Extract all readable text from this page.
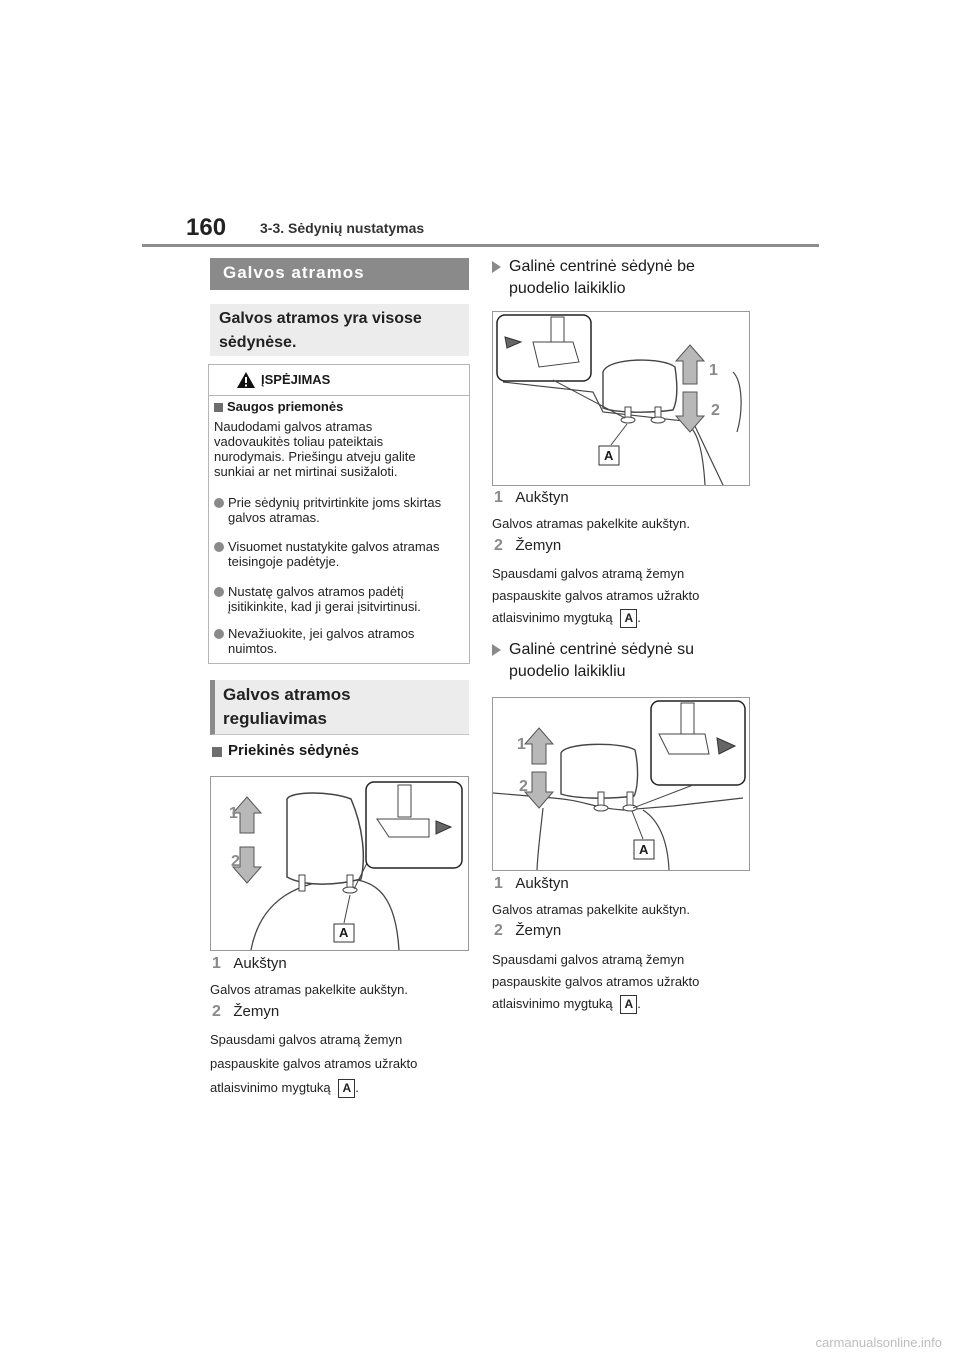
160 3-3. Sėdynių nustatymas
Galvos atramos
Galvos atramos yra visose sėdynėse.
ĮSPĖJIMAS
Saugos priemonės
Naudodami galvos atramas vadovaukitės toliau pateiktais nurodymais. Priešingu atveju galite sunkiai ar net mirtinai susižaloti.
Prie sėdynių pritvirtinkite joms skirtas galvos atramas.
Visuomet nustatykite galvos atramas teisingoje padėtyje.
Nustatę galvos atramos padėtį įsitikinkite, kad ji gerai įsitvirtinusi.
Nevažiuokite, jei galvos atramos nuimtos.
Galvos atramos reguliavimas
Priekinės sėdynės
1
2
A
1 Aukštyn
Galvos atramas pakelkite aukštyn.
2 Žemyn
Spausdami galvos atramą žemyn
paspauskite galvos atramos užrakto
atlaisvinimo mygtuką A .
Galinė centrinė sėdynė be
puodelio laikiklio
1
2
A
1 Aukštyn
Galvos atramas pakelkite aukštyn.
2 Žemyn
Spausdami galvos atramą žemyn
paspauskite galvos atramos užrakto
atlaisvinimo mygtuką A .
Galinė centrinė sėdynė su
puodelio laikikliu
1
2
A
1 Aukštyn
Galvos atramas pakelkite aukštyn.
2 Žemyn
Spausdami galvos atramą žemyn
paspauskite galvos atramos užrakto
atlaisvinimo mygtuką A .
carmanualsonline.info
